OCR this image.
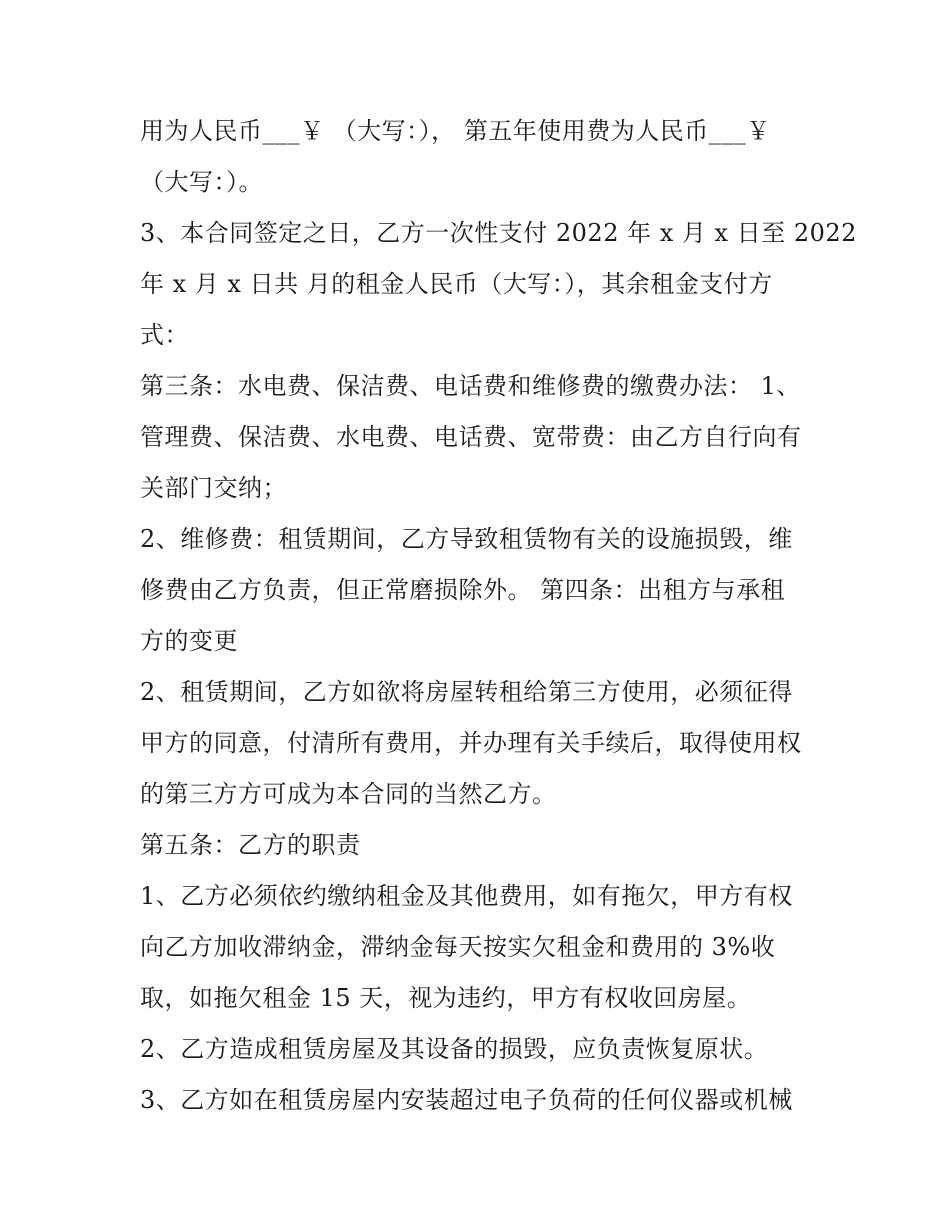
用为人民币___￥ （大写：）， 第五年使用费为人民币___￥
（大写：）。
3、本合同签定之日，乙方一次性支付 2022 年 x 月 x 日至 2022
年 x 月 x 日共 月的租金人民币（大写：），其余租金支付方
式：
第三条：水电费、保洁费、电话费和维修费的缴费办法： 1、
管理费、保洁费、水电费、电话费、宽带费：由乙方自行向有
关部门交纳；
2、维修费：租赁期间，乙方导致租赁物有关的设施损毁，维
修费由乙方负责，但正常磨损除外。 第四条：出租方与承租
方的变更
2、租赁期间，乙方如欲将房屋转租给第三方使用，必须征得
甲方的同意，付清所有费用，并办理有关手续后，取得使用权
的第三方方可成为本合同的当然乙方。
第五条：乙方的职责
1、乙方必须依约缴纳租金及其他费用，如有拖欠，甲方有权
向乙方加收滞纳金，滞纳金每天按实欠租金和费用的 3%收
取，如拖欠租金 15 天，视为违约，甲方有权收回房屋。
2、乙方造成租赁房屋及其设备的损毁，应负责恢复原状。
3、乙方如在租赁房屋内安装超过电子负荷的任何仪器或机械
